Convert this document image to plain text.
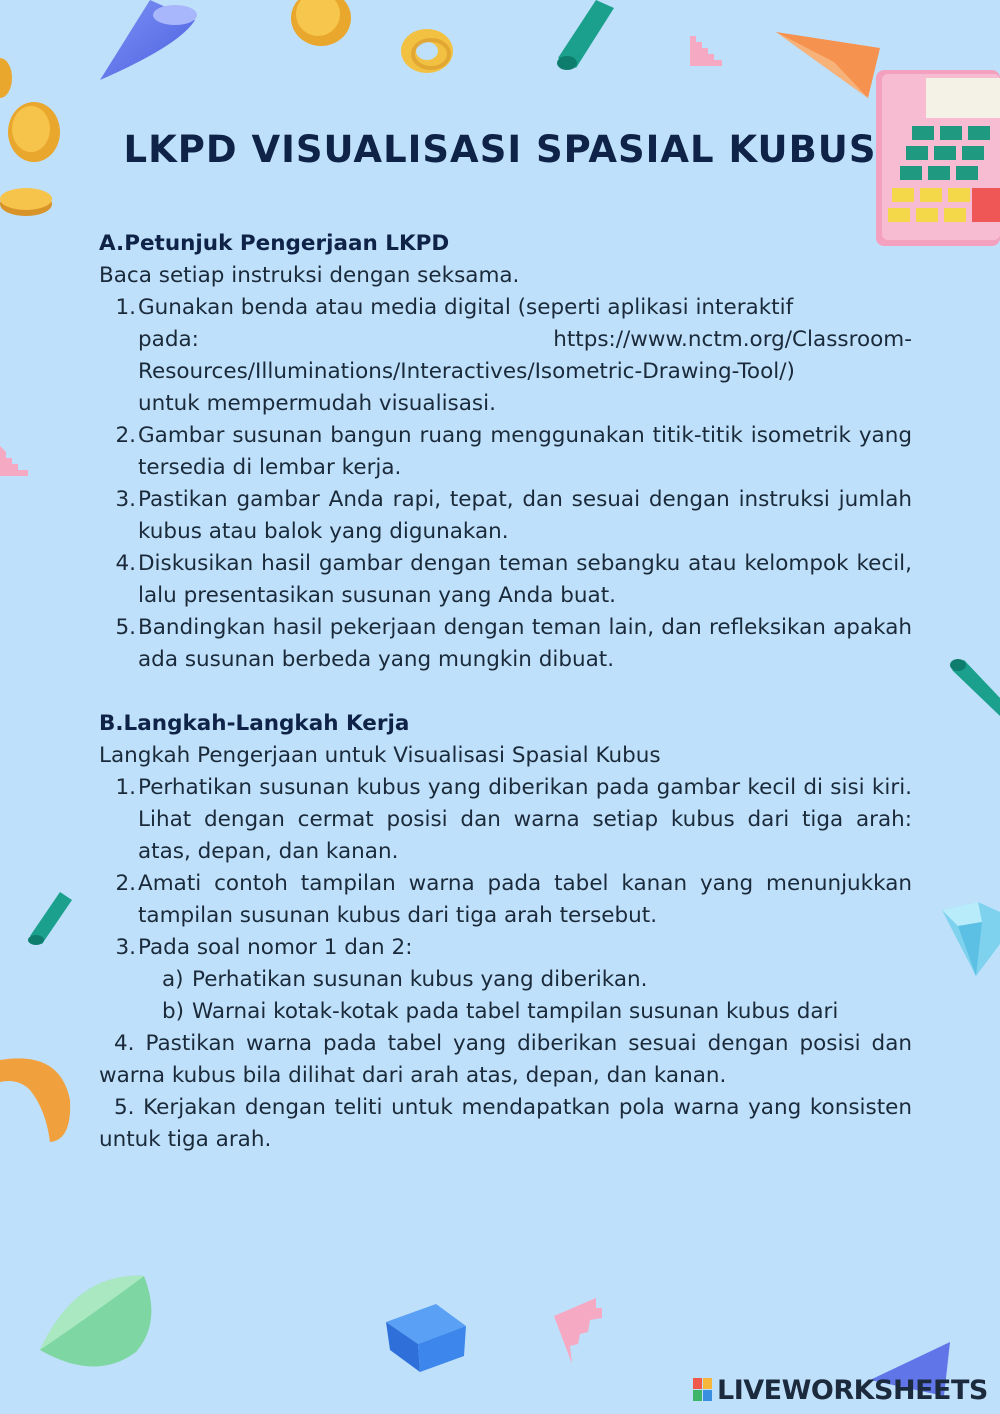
LKPD VISUALISASI SPASIAL KUBUS
A.Petunjuk Pengerjaan LKPD
Baca setiap instruksi dengan seksama.
1. Gunakan benda atau media digital (seperti aplikasi interaktif
pada: https://www.nctm.org/Classroom-
Resources/Illuminations/Interactives/Isometric-Drawing-Tool/)
untuk mempermudah visualisasi.
2. Gambar susunan bangun ruang menggunakan titik-titik isometrik yang tersedia di lembar kerja.
3. Pastikan gambar Anda rapi, tepat, dan sesuai dengan instruksi jumlah kubus atau balok yang digunakan.
4. Diskusikan hasil gambar dengan teman sebangku atau kelompok kecil, lalu presentasikan susunan yang Anda buat.
5. Bandingkan hasil pekerjaan dengan teman lain, dan refleksikan apakah ada susunan berbeda yang mungkin dibuat.
B.Langkah-Langkah Kerja
Langkah Pengerjaan untuk Visualisasi Spasial Kubus
1. Perhatikan susunan kubus yang diberikan pada gambar kecil di sisi kiri. Lihat dengan cermat posisi dan warna setiap kubus dari tiga arah: atas, depan, dan kanan.
2. Amati contoh tampilan warna pada tabel kanan yang menunjukkan tampilan susunan kubus dari tiga arah tersebut.
3. Pada soal nomor 1 dan 2:
a) Perhatikan susunan kubus yang diberikan.
b) Warnai kotak-kotak pada tabel tampilan susunan kubus dari
4. Pastikan warna pada tabel yang diberikan sesuai dengan posisi dan warna kubus bila dilihat dari arah atas, depan, dan kanan.
5. Kerjakan dengan teliti untuk mendapatkan pola warna yang konsisten untuk tiga arah.
LIVEWORKSHEETS
